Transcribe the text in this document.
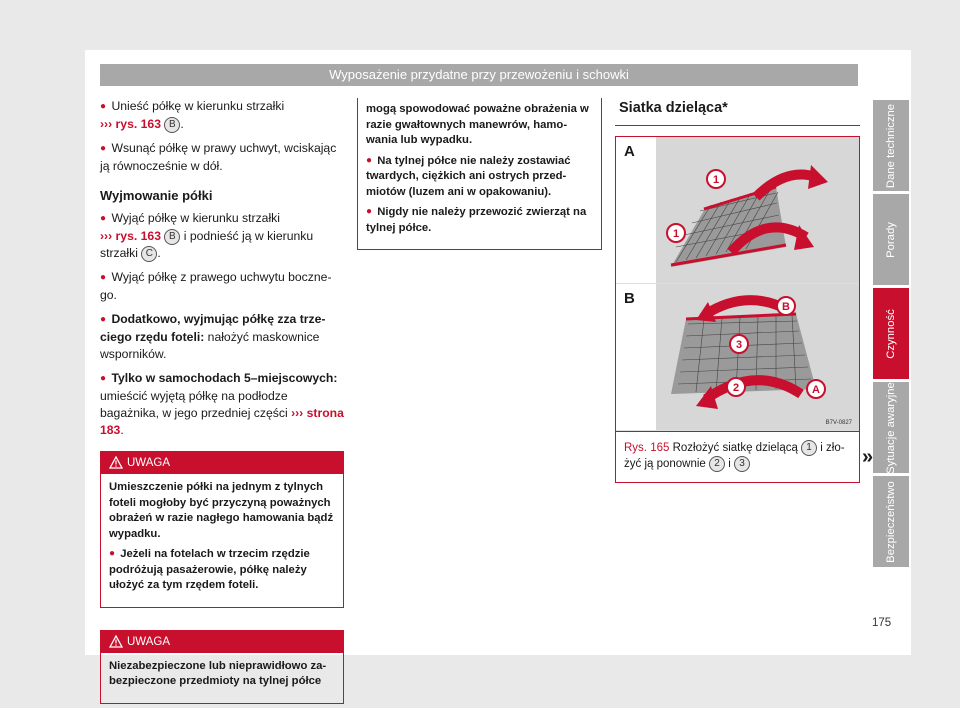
Wyposażenie przydatne przy przewożeniu i schowki

● Unieść półkę w kierunku strzałki
››› rys. 163 B .

● Wsunąć półkę w prawy uchwyt, wciskając ją równocześnie w dół.

Wyjmowanie półki

● Wyjąć półkę w kierunku strzałki
››› rys. 163 B i podnieść ją w kierunku strzałki C .

● Wyjąć półkę z prawego uchwytu bocznego.

● Dodatkowo, wyjmując półkę zza trzeciego rzędu foteli: nałożyć maskownice wsporników.

● Tylko w samochodach 5–miejscowych: umieścić wyjętą półkę na podłodze bagażnika, w jego przedniej części ››› strona 183.

UWAGA

Umieszczenie półki na jednym z tylnych foteli mogłoby być przyczyną poważnych obrażeń w razie nagłego hamowania bądź wypadku.

● Jeżeli na fotelach w trzecim rzędzie podróżują pasażerowie, półkę należy ułożyć za tym rzędem foteli.

UWAGA

Niezabezpieczone lub nieprawidłowo zabezpieczone przedmioty na tylnej półce

mogą spowodować poważne obrażenia w razie gwałtownych manewrów, hamowania lub wypadku.

● Na tylnej półce nie należy zostawiać twardych, ciężkich ani ostrych przedmiotów (luzem ani w opakowaniu).

● Nigdy nie należy przewozić zwierząt na tylnej półce.

Siatka dzieląca*
A
1
1
B	B
3
2	A
B7V-0827
Rys. 165 Rozłożyć siatkę dzielącą 1 i złożyć ją ponownie 2 i 3	»
Dane techniczne
Porady
Czynność
Sytuacje awaryjne
Bezpieczeństwo
175
